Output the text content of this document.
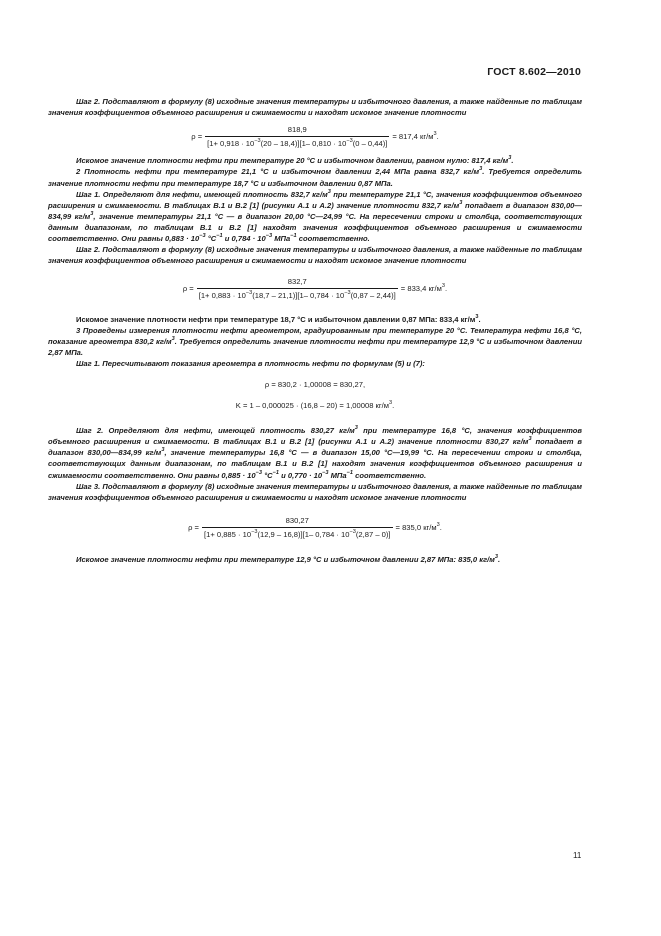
ГОСТ 8.602—2010

Шаг 2. Подставляют в формулу (8) исходные значения температуры и избыточного давления, а также найденные по таблицам значения коэффициентов объемного расширения и сжимаемости и находят искомое значение плотности

$\rho = \frac{818,9}{[1+ 0,918 \cdot 10^{-3}(20 - 18,4)][1- 0,810 \cdot 10^{-3}(0 - 0,44)]} = 817,4$ $кг/м^3$.

Искомое значение плотности нефти при температуре 20 °С и избыточном давлении, равном нулю: 817,4 $кг/м^3$.

2 Плотность нефти при температуре 21,1 °С и избыточном давлении 2,44 МПа равна 832,7 $кг/м^3$. Требуется определить значение плотности нефти при температуре 18,7 °С и избыточном давлении 0,87 МПа.

Шаг 1. Определяют для нефти, имеющей плотность 832,7 $кг/м^3$ при температуре 21,1 °С, значения коэффициентов объемного расширения и сжимаемости. В таблицах В.1 и В.2 [1] (рисунки А.1 и А.2) значение плотности 832,7 $кг/м^3$ попадает в диапазон 830,00—834,99 $кг/м^3$, значение температуры 21,1 °С — в диапазон 20,00 °С—24,99 °С. На пересечении строки и столбца, соответствующих данным диапазонам, по таблицам В.1 и В.2 [1] находят значения коэффициентов объемного расширения и сжимаемости соответственно. Они равны $0,883 \cdot 10^{-3}$ $^\circ С^{-1}$ и $0,784 \cdot 10^{-3}$ МПа$^{-1}$ соответственно.

Шаг 2. Подставляют в формулу (8) исходные значения температуры и избыточного давления, а также найденные по таблицам значения коэффициентов объемного расширения и сжимаемости и находят искомое значение плотности

$\rho = \frac{832,7}{[1+ 0,883 \cdot 10^{-3}(18,7 - 21,1)][1- 0,784 \cdot 10^{-3}(0,87 - 2,44)]} = 833,4$ $кг/м^3$.

Искомое значение плотности нефти при температуре 18,7 °С и избыточном давлении 0,87 МПа: 833,4 $кг/м^3$.

3 Проведены измерения плотности нефти ареометром, градуированным при температуре 20 °С. Температура нефти 16,8 °С, показание ареометра 830,2 $кг/м^3$. Требуется определить значение плотности нефти при температуре 12,9 °С и избыточном давлении 2,87 МПа.

Шаг 1. Пересчитывают показания ареометра в плотность нефти по формулам (5) и (7):

ρ = 830,2 · 1,00008 = 830,27,
K = 1 – 0,000025 · (16,8 – 20) = 1,00008 $кг/м^3$.

Шаг 2. Определяют для нефти, имеющей плотность 830,27 $кг/м^3$ при температуре 16,8 °С, значения коэффициентов объемного расширения и сжимаемости. В таблицах В.1 и В.2 [1] (рисунки А.1 и А.2) значение плотности 830,27 $кг/м^3$ попадает в диапазон 830,00—834,99 $кг/м^3$, значение температуры 16,8 °С — в диапазон 15,00 °С—19,99 °С. На пересечении строки и столбца, соответствующих данным диапазонам, по таблицам В.1 и В.2 [1] находят значения коэффициентов объемного расширения и сжимаемости соответственно. Они равны $0,885 \cdot 10^{-3}$ $^\circ С^{-1}$ и $0,770 \cdot 10^{-3}$ МПа$^{-1}$ соответственно.

Шаг 3. Подставляют в формулу (8) исходные значения температуры и избыточного давления, а также найденные по таблицам значения коэффициентов объемного расширения и сжимаемости и находят искомое значение плотности

$\rho = \frac{830,27}{[1+ 0,885 \cdot 10^{-3}(12,9 - 16,8)][1- 0,784 \cdot 10^{-3}(2,87 - 0)]} = 835,0$ $кг/м^3$.

Искомое значение плотности нефти при температуре 12,9 °С и избыточном давлении 2,87 МПа: 835,0 $кг/м^3$.

11
